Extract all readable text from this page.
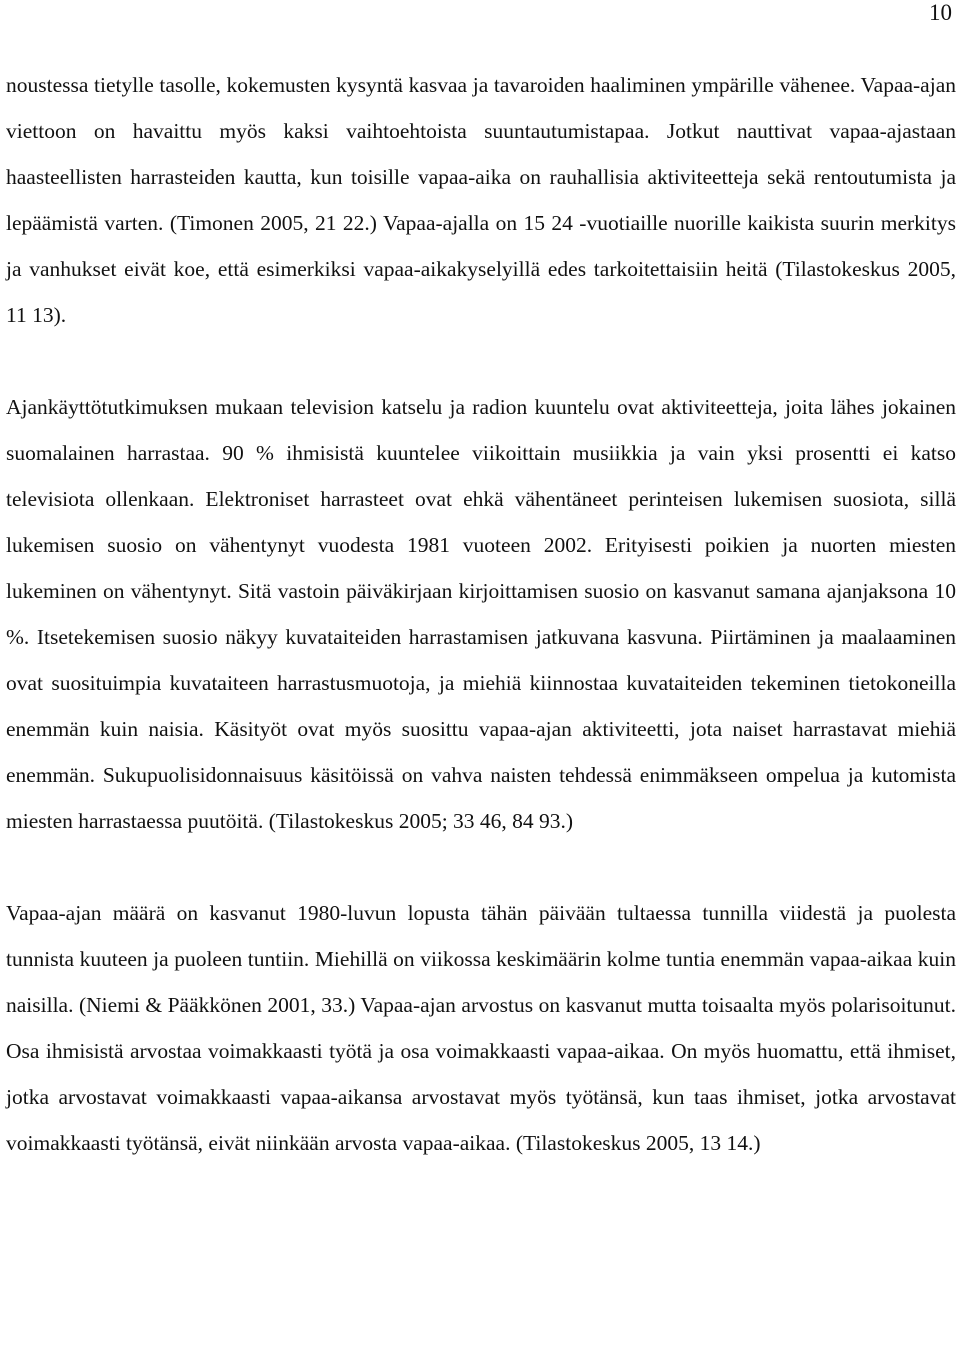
10

noustessa tietylle tasolle, kokemusten kysyntä kasvaa ja tavaroiden haaliminen ympärille vähenee. Vapaa-ajan viettoon on havaittu myös kaksi vaihtoehtoista suuntautumistapaa. Jotkut nauttivat vapaa-ajastaan haasteellisten harrasteiden kautta, kun toisille vapaa-aika on rauhallisia aktiviteetteja sekä rentoutumista ja lepäämistä varten. (Timonen 2005, 21 22.) Vapaa-ajalla on 15 24 -vuotiaille nuorille kaikista suurin merkitys ja vanhukset eivät koe, että esimerkiksi vapaa-aikakyselyillä edes tarkoitettaisiin heitä (Tilastokeskus 2005, 11 13).

Ajankäyttötutkimuksen mukaan television katselu ja radion kuuntelu ovat aktiviteetteja, joita lähes jokainen suomalainen harrastaa. 90 % ihmisistä kuuntelee viikoittain musiikkia ja vain yksi prosentti ei katso televisiota ollenkaan. Elektroniset harrasteet ovat ehkä vähentäneet perinteisen lukemisen suosiota, sillä lukemisen suosio on vähentynyt vuodesta 1981 vuoteen 2002. Erityisesti poikien ja nuorten miesten lukeminen on vähentynyt. Sitä vastoin päiväkirjaan kirjoittamisen suosio on kasvanut samana ajanjaksona 10 %. Itsetekemisen suosio näkyy kuvataiteiden harrastamisen jatkuvana kasvuna. Piirtäminen ja maalaaminen ovat suosituimpia kuvataiteen harrastusmuotoja, ja miehiä kiinnostaa kuvataiteiden tekeminen tietokoneilla enemmän kuin naisia. Käsityöt ovat myös suosittu vapaa-ajan aktiviteetti, jota naiset harrastavat miehiä enemmän. Sukupuolisidonnaisuus käsitöissä on vahva naisten tehdessä enimmäkseen ompelua ja kutomista miesten harrastaessa puutöitä. (Tilastokeskus 2005; 33 46, 84 93.)

Vapaa-ajan määrä on kasvanut 1980-luvun lopusta tähän päivään tultaessa tunnilla viidestä ja puolesta tunnista kuuteen ja puoleen tuntiin. Miehillä on viikossa keskimäärin kolme tuntia enemmän vapaa-aikaa kuin naisilla. (Niemi & Pääkkönen 2001, 33.) Vapaa-ajan arvostus on kasvanut mutta toisaalta myös polarisoitunut. Osa ihmisistä arvostaa voimakkaasti työtä ja osa voimakkaasti vapaa-aikaa. On myös huomattu, että ihmiset, jotka arvostavat voimakkaasti vapaa-aikansa arvostavat myös työtänsä, kun taas ihmiset, jotka arvostavat voimakkaasti työtänsä, eivät niinkään arvosta vapaa-aikaa. (Tilastokeskus 2005, 13 14.)
